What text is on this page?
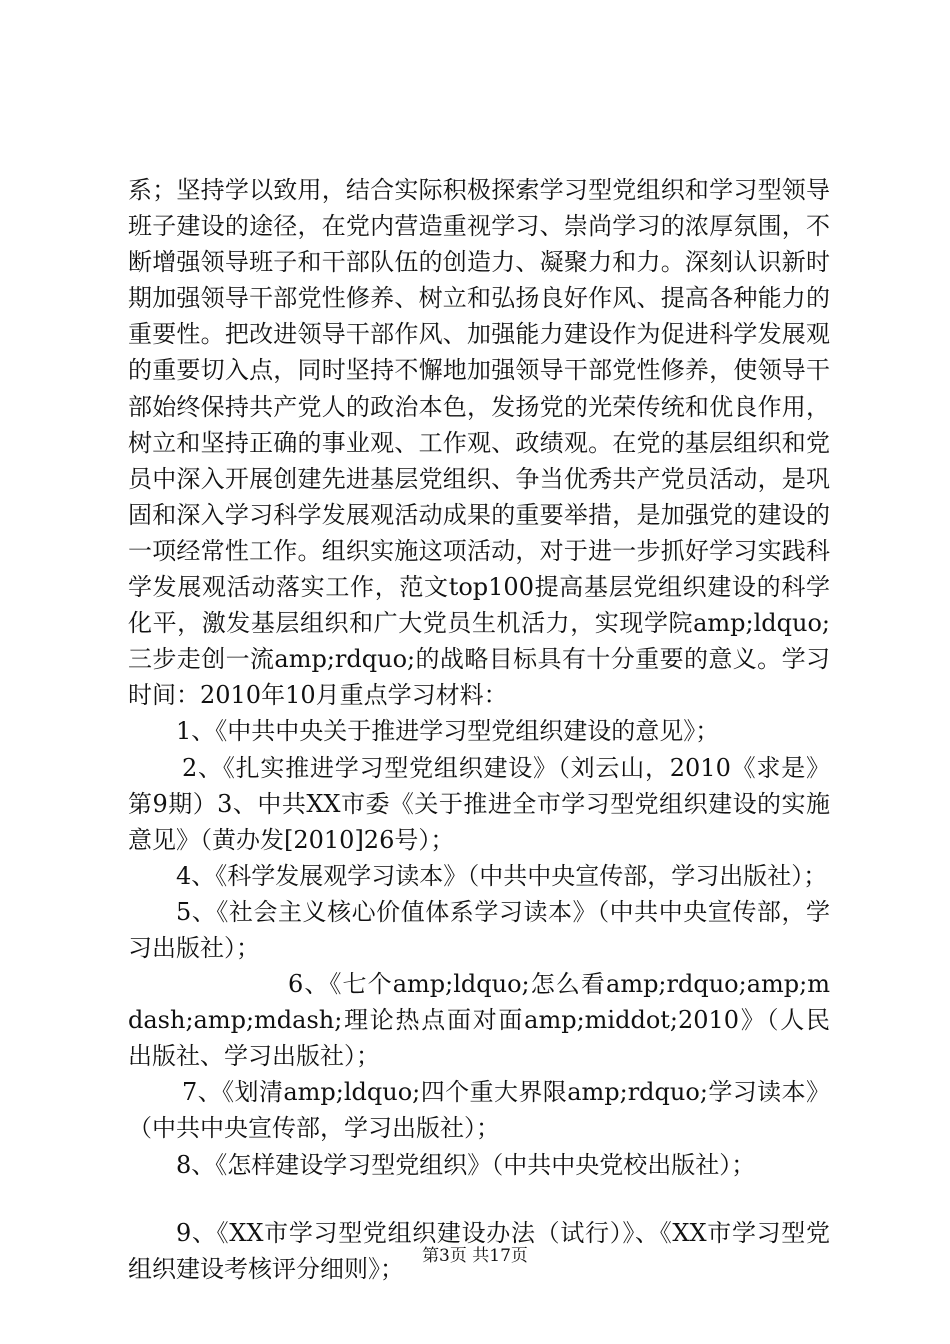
系；坚持学以致用，结合实际积极探索学习型党组织和学习型领导班子建设的途径，在党内营造重视学习、崇尚学习的浓厚氛围，不断增强领导班子和干部队伍的创造力、凝聚力和力。深刻认识新时期加强领导干部党性修养、树立和弘扬良好作风、提高各种能力的重要性。把改进领导干部作风、加强能力建设作为促进科学发展观的重要切入点，同时坚持不懈地加强领导干部党性修养，使领导干部始终保持共产党人的政治本色，发扬党的光荣传统和优良作用，树立和坚持正确的事业观、工作观、政绩观。在党的基层组织和党员中深入开展创建先进基层党组织、争当优秀共产党员活动，是巩固和深入学习科学发展观活动成果的重要举措，是加强党的建设的一项经常性工作。组织实施这项活动，对于进一步抓好学习实践科学发展观活动落实工作，范文top100提高基层党组织建设的科学化平，激发基层组织和广大党员生机活力，实现学院amp;ldquo;三步走创一流amp;rdquo;的战略目标具有十分重要的意义。学习时间：2010年10月重点学习材料：

1、《中共中央关于推进学习型党组织建设的意见》；

2、《扎实推进学习型党组织建设》（刘云山，2010《求是》第9期）3、中共XX市委《关于推进全市学习型党组织建设的实施意见》（黄办发[2010]26号）；

4、《科学发展观学习读本》（中共中央宣传部，学习出版社）；

5、《社会主义核心价值体系学习读本》（中共中央宣传部，学习出版社）；

6、《七个amp;ldquo;怎么看amp;rdquo;amp;mdash;amp;mdash;理论热点面对面amp;middot;2010》（人民出版社、学习出版社）；

7、《划清amp;ldquo;四个重大界限amp;rdquo;学习读本》（中共中央宣传部，学习出版社）；

8、《怎样建设学习型党组织》（中共中央党校出版社）；

9、《XX市学习型党组织建设办法（试行）》、《XX市学习型党组织建设考核评分细则》；	第3页 共17页
